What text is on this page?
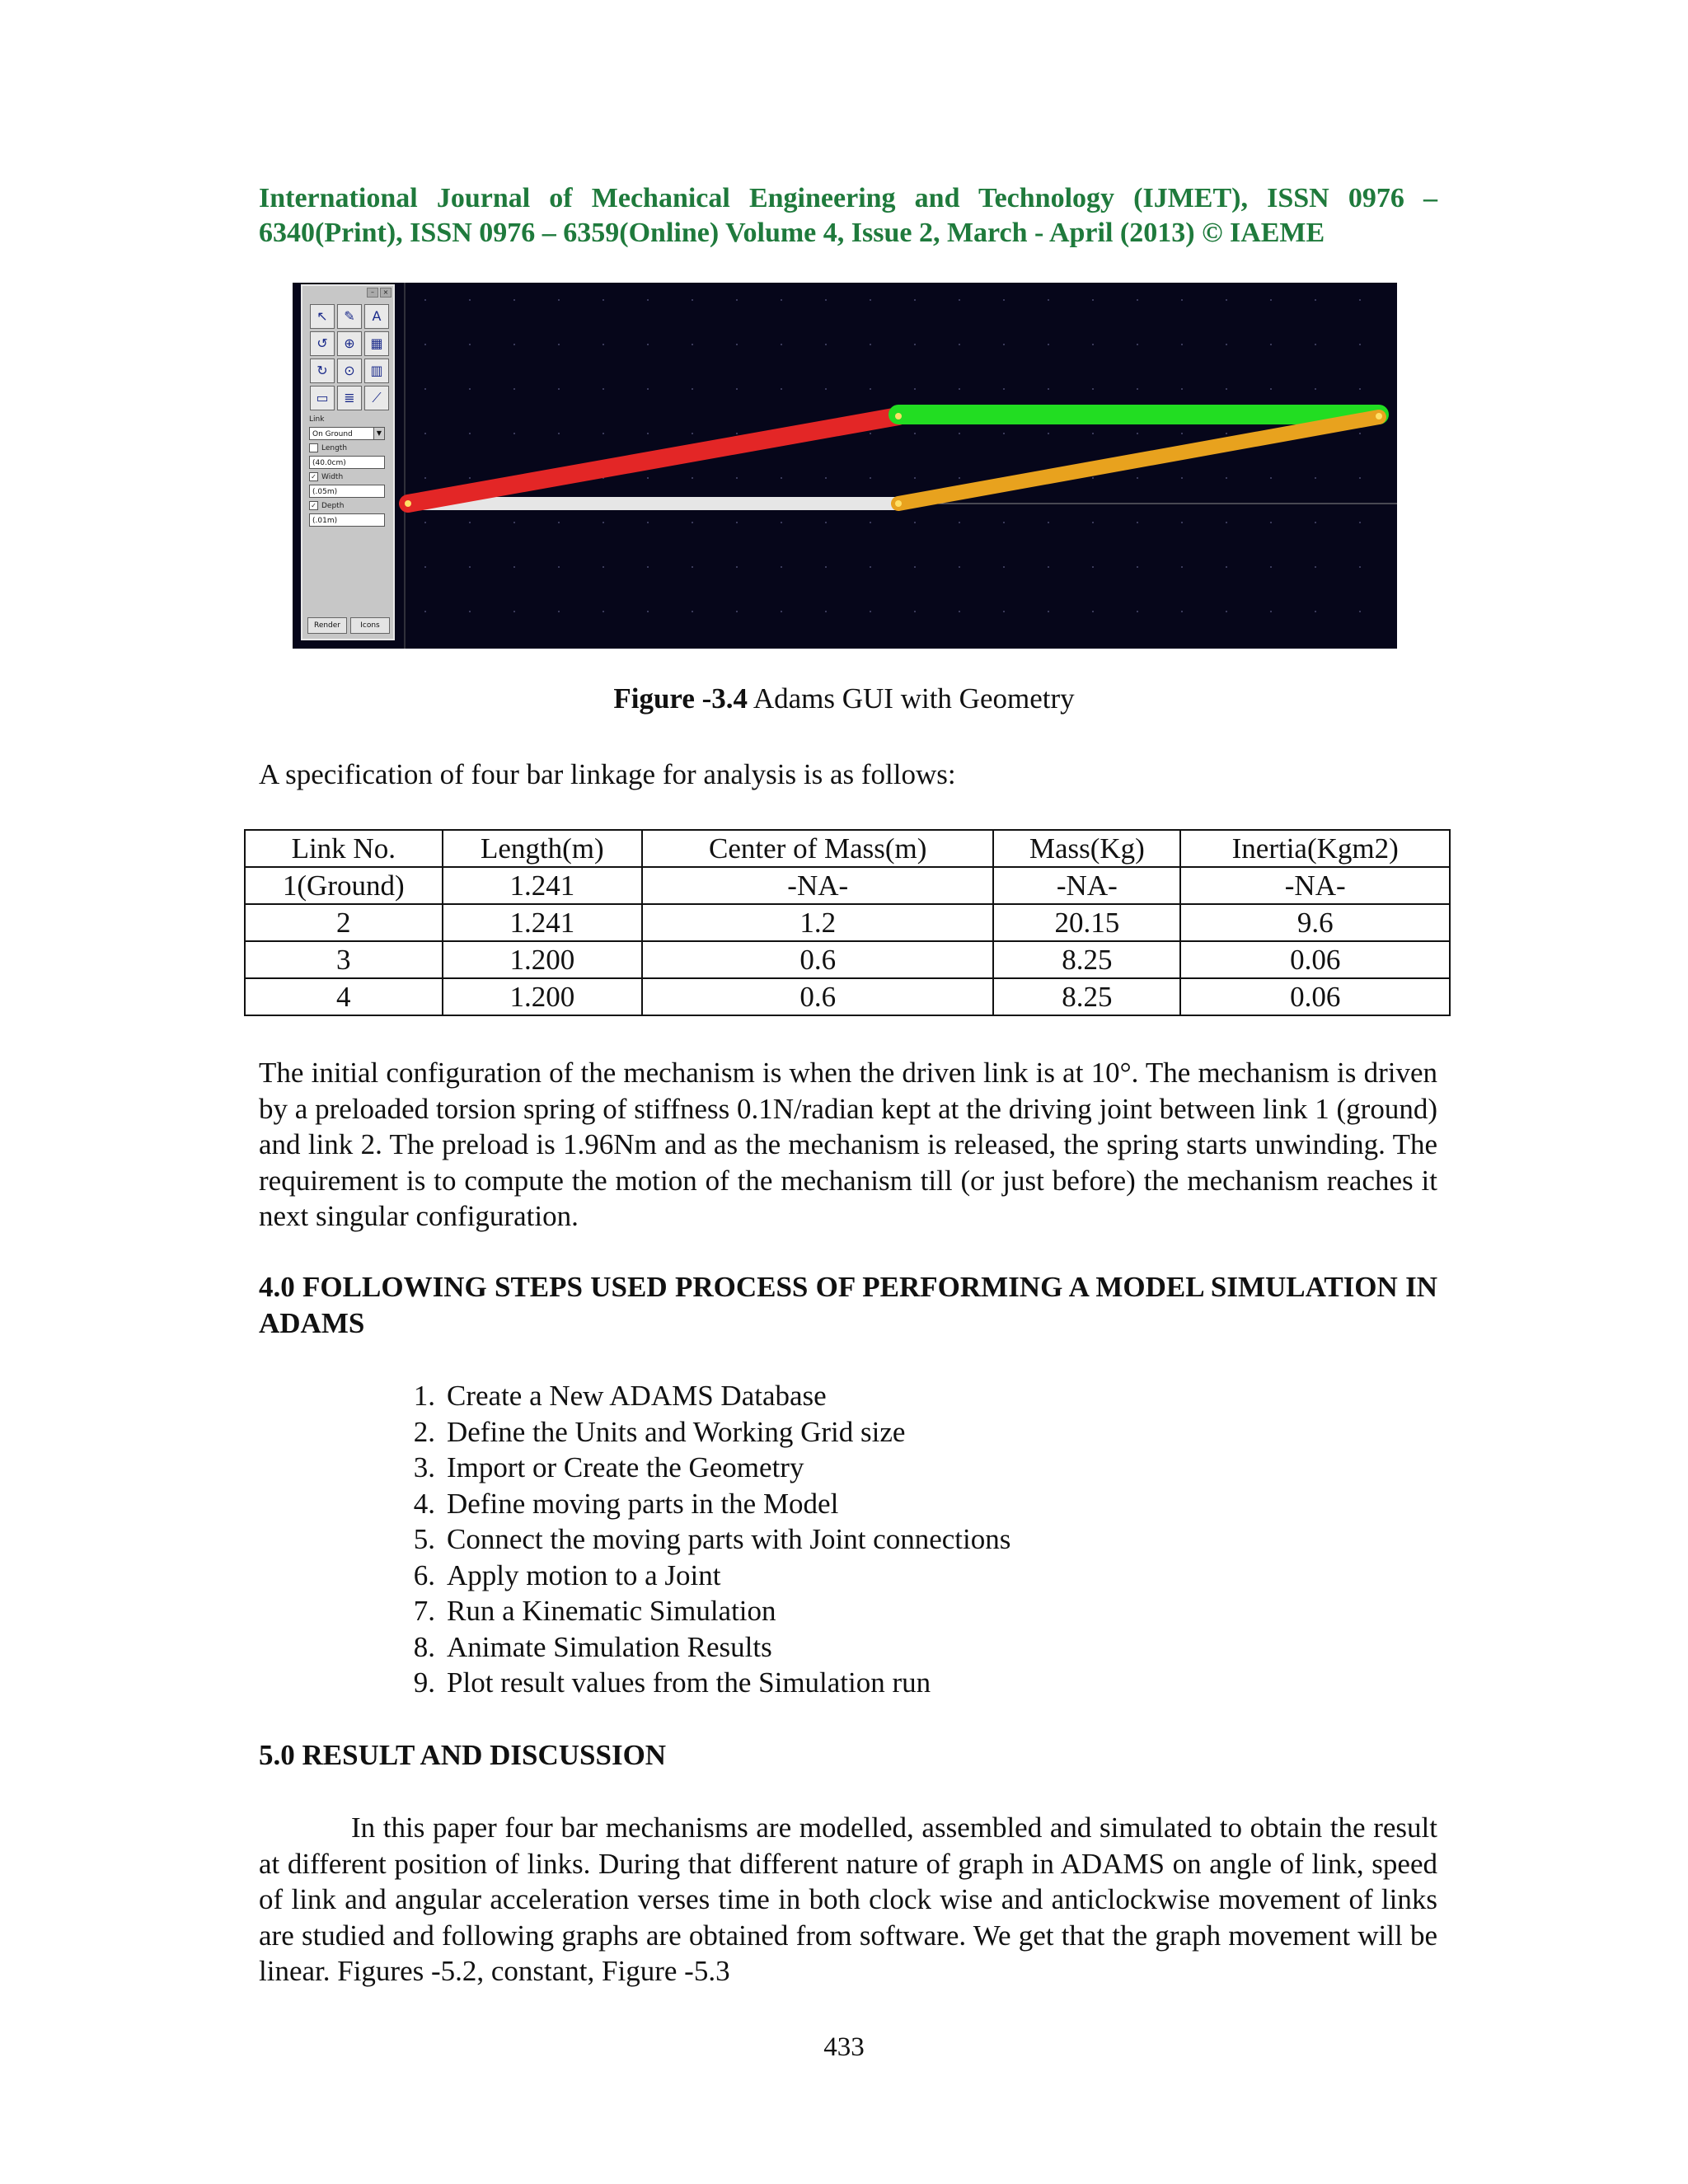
International Journal of Mechanical Engineering and Technology (IJMET), ISSN 0976 – 6340(Print), ISSN 0976 – 6359(Online) Volume 4, Issue 2, March - April (2013) © IAEME
–	×
↖	✎	A
↺	⊕	▦
↻	⊙	▥
▭	≣	⟋
Link
On Ground	▼
Length
(40.0cm)
✓ Width
(.05m)
✓ Depth
(.01m)
Render	Icons
Figure -3.4 Adams GUI with Geometry
A specification of four bar linkage for analysis is as follows:
Link No.	Length(m)	Center of Mass(m)	Mass(Kg)	Inertia(Kgm2)
1(Ground)	1.241	-NA-	-NA-	-NA-
2	1.241	1.2	20.15	9.6
3	1.200	0.6	8.25	0.06
4	1.200	0.6	8.25	0.06
The initial configuration of the mechanism is when the driven link is at 10°. The mechanism is driven by a preloaded torsion spring of stiffness 0.1N/radian kept at the driving joint between link 1 (ground) and link 2. The preload is 1.96Nm and as the mechanism is released, the spring starts unwinding. The requirement is to compute the motion of the mechanism till (or just before) the mechanism reaches it next singular configuration.
4.0 FOLLOWING STEPS USED PROCESS OF PERFORMING A MODEL SIMULATION IN ADAMS
1. Create a New ADAMS Database
2. Define the Units and Working Grid size
3. Import or Create the Geometry
4. Define moving parts in the Model
5. Connect the moving parts with Joint connections
6. Apply motion to a Joint
7. Run a Kinematic Simulation
8. Animate Simulation Results
9. Plot result values from the Simulation run
5.0 RESULT AND DISCUSSION
In this paper four bar mechanisms are modelled, assembled and simulated to obtain the result at different position of links. During that different nature of graph in ADAMS on angle of link, speed of link and angular acceleration verses time in both clock wise and anticlockwise movement of links are studied and following graphs are obtained from software. We get that the graph movement will be linear. Figures -5.2, constant, Figure -5.3
433
